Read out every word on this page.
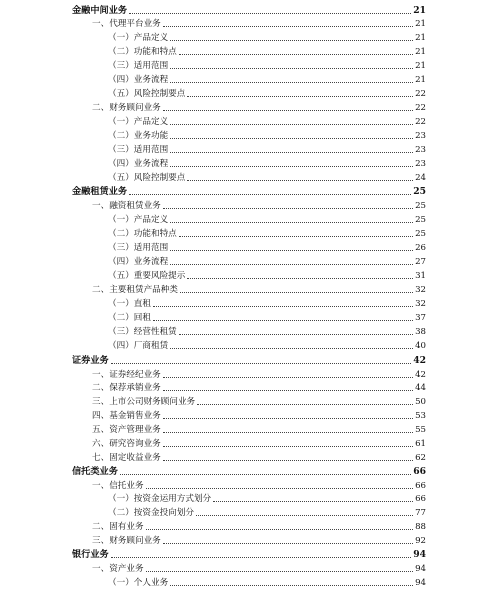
金融中间业务	21
一、代理平台业务	21
（一）产品定义	21
（二）功能和特点	21
（三）适用范围	21
（四）业务流程	21
（五）风险控制要点	22
二、财务顾问业务	22
（一）产品定义	22
（二）业务功能	23
（三）适用范围	23
（四）业务流程	23
（五）风险控制要点	24
金融租赁业务	25
一、融资租赁业务	25
（一）产品定义	25
（二）功能和特点	25
（三）适用范围	26
（四）业务流程	27
（五）重要风险提示	31
二、主要租赁产品种类	32
（一）直租	32
（二）回租	37
（三）经营性租赁	38
（四）厂商租赁	40
证券业务	42
一、证券经纪业务	42
二、保荐承销业务	44
三、上市公司财务顾问业务	50
四、基金销售业务	53
五、资产管理业务	55
六、研究咨询业务	61
七、固定收益业务	62
信托类业务	66
一、信托业务	66
（一）按资金运用方式划分	66
（二）按资金投向划分	77
二、固有业务	88
三、财务顾问业务	92
银行业务	94
一、资产业务	94
（一）个人业务	94
